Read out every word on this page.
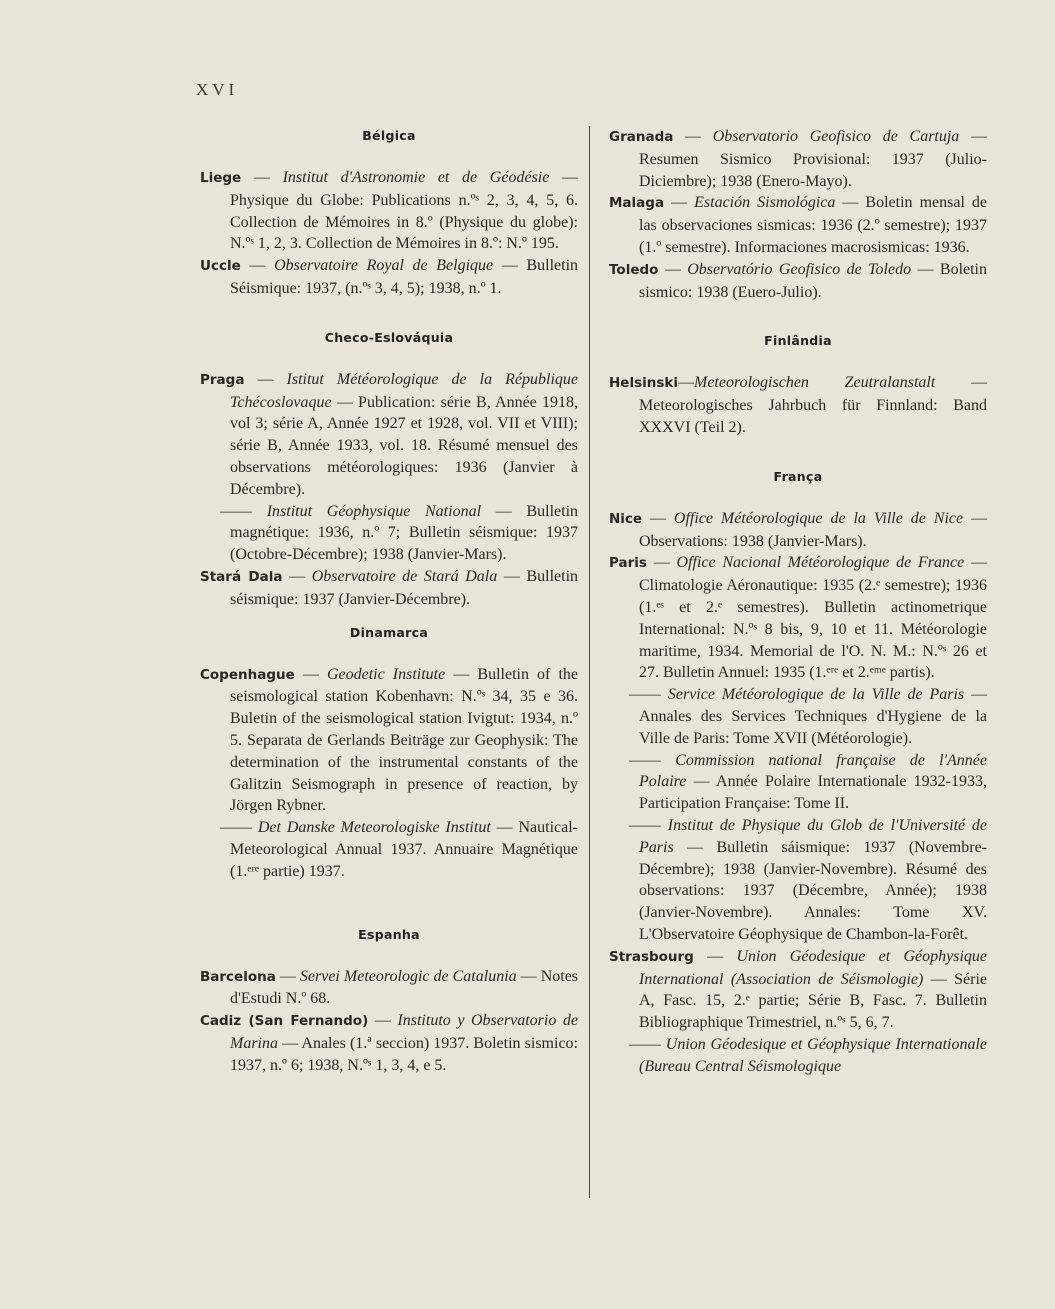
XVI
Bélgica

Liege — Institut d'Astronomie et de Géodésie — Physique du Globe: Publications n.ºˢ 2, 3, 4, 5, 6. Collection de Mémoires in 8.º (Physique du globe): N.ºˢ 1, 2, 3. Collection de Mémoires in 8.º: N.º 195.

Uccle — Observatoire Royal de Belgique — Bulletin Séismique: 1937, (n.ºˢ 3, 4, 5); 1938, n.º 1.

Checo-Eslováquia

Praga — Istitut Météorologique de la République Tchécoslovaque — Publication: série B, Année 1918, vol 3; série A, Année 1927 et 1928, vol. VII et VIII); série B, Année 1933, vol. 18. Résumé mensuel des observations météorologiques: 1936 (Janvier à Décembre).

—— Institut Géophysique National — Bulletin magnétique: 1936, n.º 7; Bulletin séismique: 1937 (Octobre-Décembre); 1938 (Janvier-Mars).

Stará Dala — Observatoire de Stará Dala — Bulletin séismique: 1937 (Janvier-Décembre).

Dinamarca

Copenhague — Geodetic Institute — Bulletin of the seismological station Kobenhavn: N.ºˢ 34, 35 e 36. Buletin of the seismological station Ivigtut: 1934, n.º 5. Separata de Gerlands Beiträge zur Geophysik: The determination of the instrumental constants of the Galitzin Seismograph in presence of reaction, by Jörgen Rybner.

—— Det Danske Meteorologiske Institut — Nautical-Meteorological Annual 1937. Annuaire Magnétique (1.ᵉʳᵉ partie) 1937.

Espanha

Barcelona — Servei Meteorologic de Catalunia — Notes d'Estudi N.º 68.

Cadiz (San Fernando) — Instituto y Observatorio de Marina — Anales (1.ª seccion) 1937. Boletin sismico: 1937, n.º 6; 1938, N.ºˢ 1, 3, 4, e 5.

Granada — Observatorio Geofisico de Cartuja — Resumen Sismico Provisional: 1937 (Julio-Diciembre); 1938 (Enero-Mayo).

Malaga — Estación Sismológica — Boletin mensal de las observaciones sismicas: 1936 (2.º semestre); 1937 (1.º semestre). Informaciones macrosismicas: 1936.

Toledo — Observatório Geofisico de Toledo — Boletin sismico: 1938 (Euero-Julio).

Finlândia

Helsinski—Meteorologischen Zeutralanstalt — Meteorologisches Jahrbuch für Finnland: Band XXXVI (Teil 2).

França

Nice — Office Météorologique de la Ville de Nice — Observations: 1938 (Janvier-Mars).

Paris — Office Nacional Météorologique de France — Climatologie Aéronautique: 1935 (2.ᵉ semestre); 1936 (1.ᵉˢ et 2.ᵉ semestres). Bulletin actinometrique International: N.ºˢ 8 bis, 9, 10 et 11. Météorologie maritime, 1934. Memorial de l'O. N. M.: N.ºˢ 26 et 27. Bulletin Annuel: 1935 (1.ᵉʳᵉ et 2.ᵉᵐᵉ partis).

—— Service Météorologique de la Ville de Paris — Annales des Services Techniques d'Hygiene de la Ville de Paris: Tome XVII (Météorologie).

—— Commission national française de l'Année Polaire — Année Polaire Internationale 1932-1933, Participation Française: Tome II.

—— Institut de Physique du Glob de l'Université de Paris — Bulletin sáismique: 1937 (Novembre-Décembre); 1938 (Janvier-Novembre). Résumé des observations: 1937 (Décembre, Année); 1938 (Janvier-Novembre). Annales: Tome XV. L'Observatoire Géophysique de Chambon-la-Forêt.

Strasbourg — Union Géodesique et Géophysique International (Association de Séismologie) — Série A, Fasc. 15, 2.ᵉ partie; Série B, Fasc. 7. Bulletin Bibliographique Trimestriel, n.ºˢ 5, 6, 7.

—— Union Géodesique et Géophysique Internationale (Bureau Central Séismologique
